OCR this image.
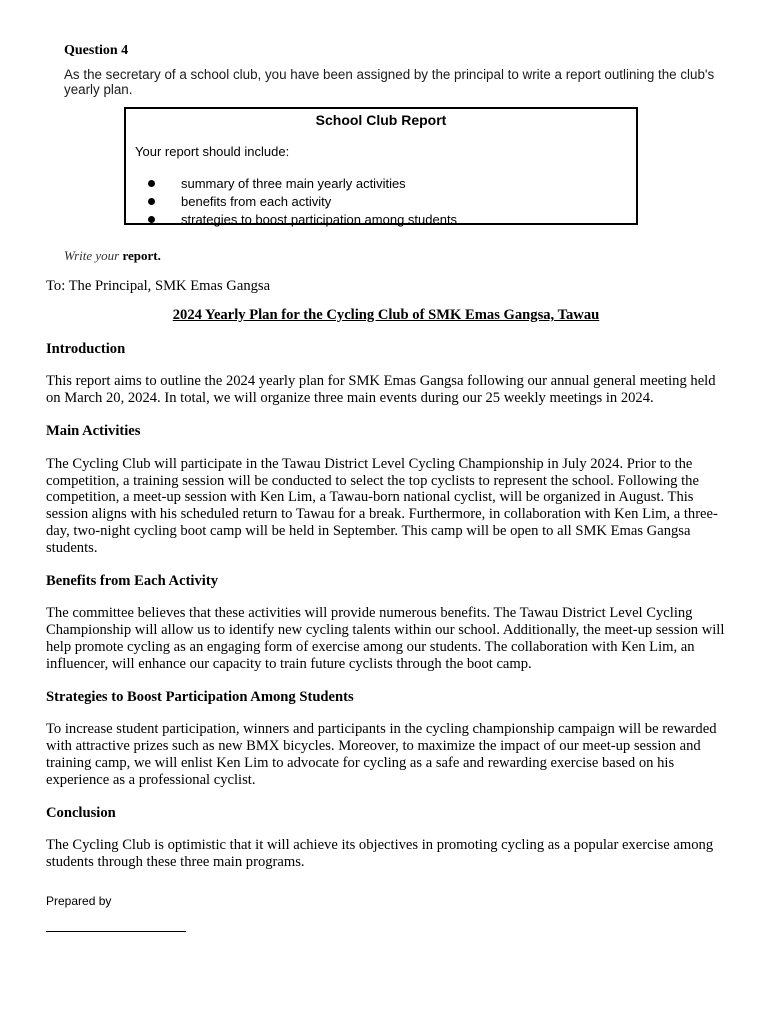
Question 4
As the secretary of a school club, you have been assigned by the principal to write a report outlining the club's yearly plan.
School Club Report
Your report should include:
summary of three main yearly activities
benefits from each activity
strategies to boost participation among students
Write your report.

To: The Principal, SMK Emas Gangsa

2024 Yearly Plan for the Cycling Club of SMK Emas Gangsa, Tawau

Introduction

This report aims to outline the 2024 yearly plan for SMK Emas Gangsa following our annual general meeting held on March 20, 2024. In total, we will organize three main events during our 25 weekly meetings in 2024.

Main Activities

The Cycling Club will participate in the Tawau District Level Cycling Championship in July 2024. Prior to the competition, a training session will be conducted to select the top cyclists to represent the school. Following the competition, a meet-up session with Ken Lim, a Tawau-born national cyclist, will be organized in August. This session aligns with his scheduled return to Tawau for a break. Furthermore, in collaboration with Ken Lim, a three-day, two-night cycling boot camp will be held in September. This camp will be open to all SMK Emas Gangsa students.

Benefits from Each Activity

The committee believes that these activities will provide numerous benefits. The Tawau District Level Cycling Championship will allow us to identify new cycling talents within our school. Additionally, the meet-up session will help promote cycling as an engaging form of exercise among our students. The collaboration with Ken Lim, an influencer, will enhance our capacity to train future cyclists through the boot camp.

Strategies to Boost Participation Among Students

To increase student participation, winners and participants in the cycling championship campaign will be rewarded with attractive prizes such as new BMX bicycles. Moreover, to maximize the impact of our meet-up session and training camp, we will enlist Ken Lim to advocate for cycling as a safe and rewarding exercise based on his experience as a professional cyclist.

Conclusion

The Cycling Club is optimistic that it will achieve its objectives in promoting cycling as a popular exercise among students through these three main programs.

Prepared by
